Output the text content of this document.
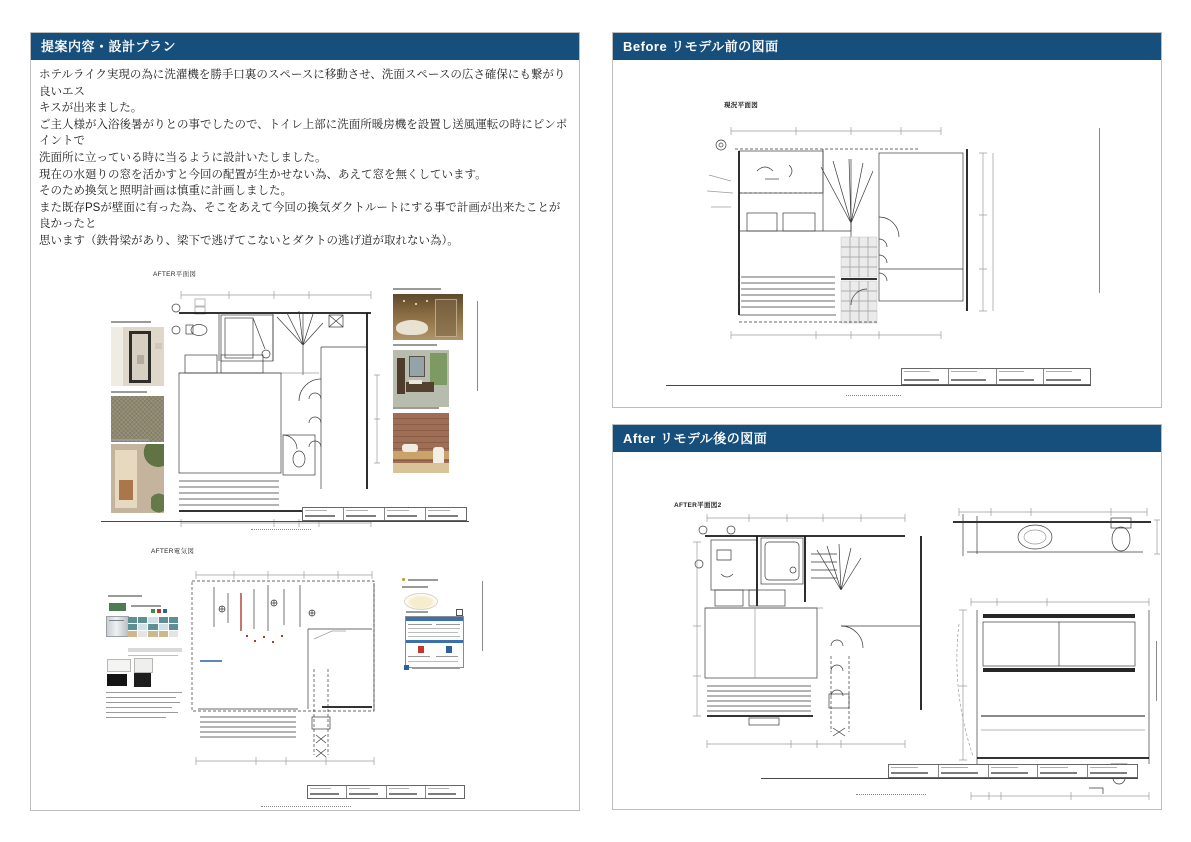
提案内容・設計プラン
ホテルライク実現の為に洗濯機を勝手口裏のスペースに移動させ、洗面スペースの広さ確保にも繋がり良いエス
キスが出来ました。
ご主人様が入浴後暑がりとの事でしたので、トイレ上部に洗面所暖房機を設置し送風運転の時にピンポイントで
洗面所に立っている時に当るように設計いたしました。
現在の水廻りの窓を活かすと今回の配置が生かせない為、あえて窓を無くしています。
そのため換気と照明計画は慎重に計画しました。
また既存PSが壁面に有った為、そこをあえて今回の換気ダクトルートにする事で計画が出来たことが良かったと
思います（鉄骨梁があり、梁下で逃げてこないとダクトの逃げ道が取れない為）。
AFTER平面図
AFTER電気図
Before リモデル前の図面
現況平面図
After リモデル後の図面
AFTER平面図2
